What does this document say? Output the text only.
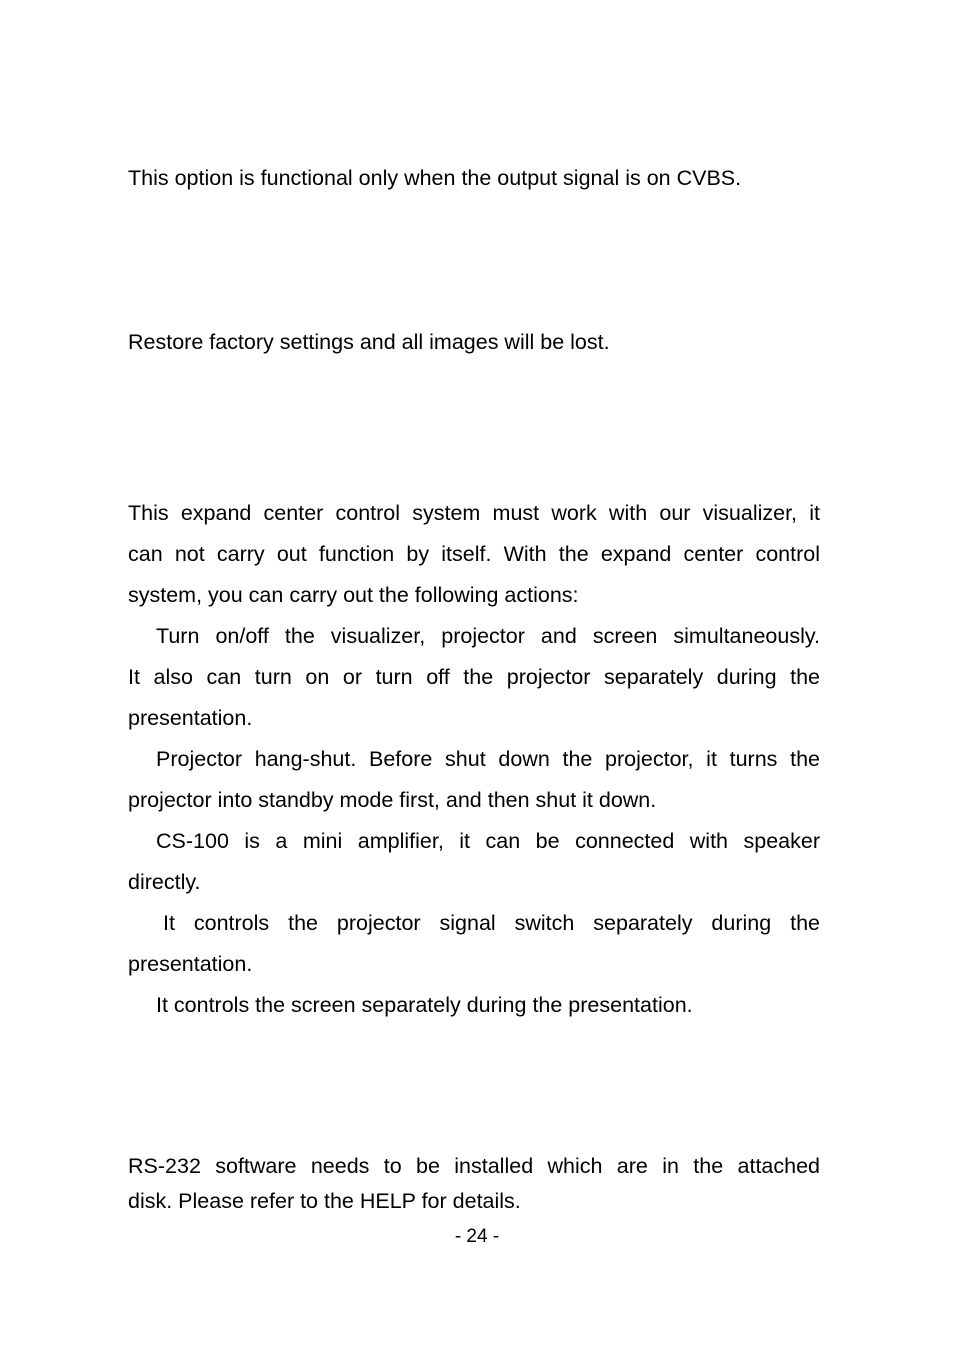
This option is functional only when the output signal is on CVBS.
Restore factory settings and all images will be lost.
This expand center control system must work with our visualizer, it
can not carry out function by itself. With the expand center control
system, you can carry out the following actions:
Turn on/off the visualizer, projector and screen simultaneously.
It also can turn on or turn off the projector separately during the
presentation.
Projector hang-shut. Before shut down the projector, it turns the
projector into standby mode first, and then shut it down.
CS-100 is a mini amplifier, it can be connected with speaker
directly.
It controls the projector signal switch separately during the
presentation.
It controls the screen separately during the presentation.
RS-232 software needs to be installed which are in the attached
disk. Please refer to the HELP for details.
- 24 -
